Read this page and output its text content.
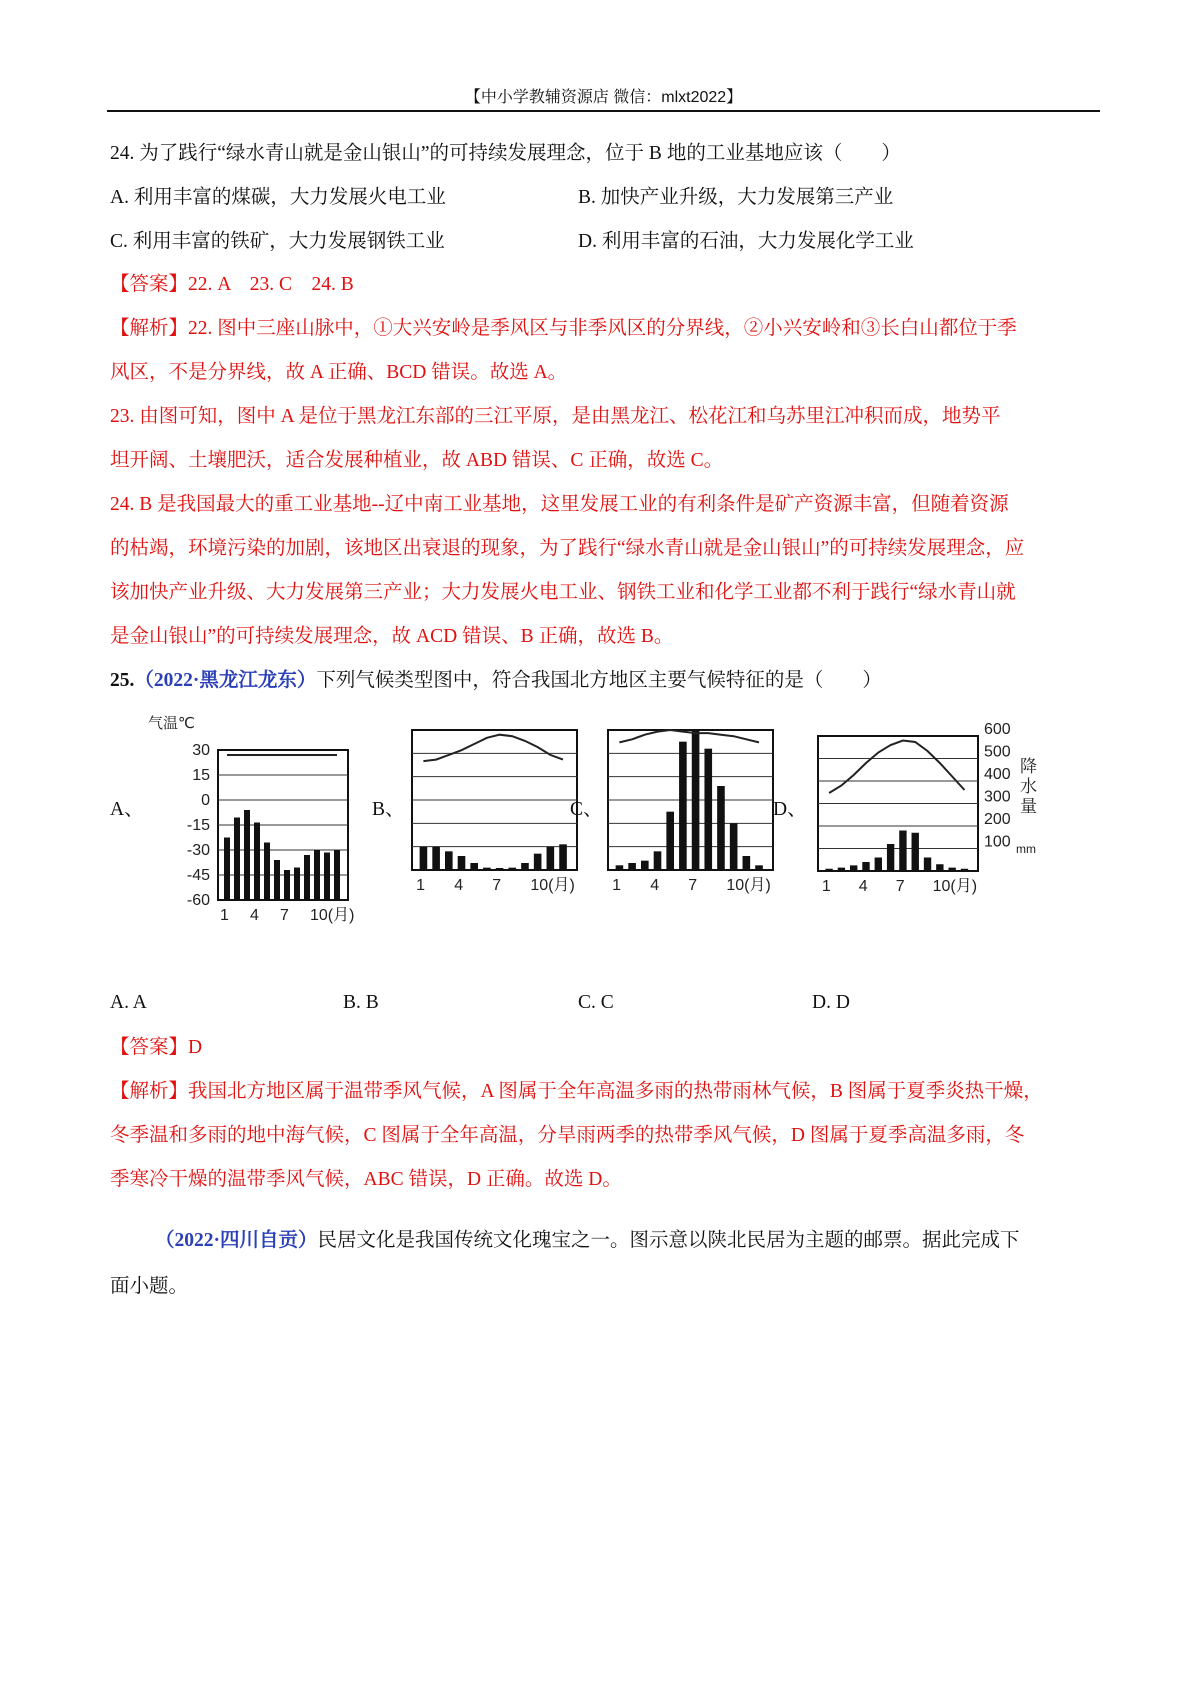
【中小学教辅资源店 微信：mlxt2022】
24. 为了践行“绿水青山就是金山银山”的可持续发展理念，位于 B 地的工业基地应该（　　）
A. 利用丰富的煤碳，大力发展火电工业	B. 加快产业升级，大力发展第三产业
C. 利用丰富的铁矿，大力发展钢铁工业	D. 利用丰富的石油，大力发展化学工业
【答案】22. A　23. C　24. B
【解析】22. 图中三座山脉中，①大兴安岭是季风区与非季风区的分界线，②小兴安岭和③长白山都位于季
风区，不是分界线，故 A 正确、BCD 错误。故选 A。
23. 由图可知，图中 A 是位于黑龙江东部的三江平原，是由黑龙江、松花江和乌苏里江冲积而成，地势平
坦开阔、土壤肥沃，适合发展种植业，故 ABD 错误、C 正确，故选 C。
24. B 是我国最大的重工业基地--辽中南工业基地，这里发展工业的有利条件是矿产资源丰富，但随着资源
的枯竭，环境污染的加剧，该地区出衰退的现象，为了践行“绿水青山就是金山银山”的可持续发展理念，应
该加快产业升级、大力发展第三产业；大力发展火电工业、钢铁工业和化学工业都不利于践行“绿水青山就
是金山银山”的可持续发展理念，故 ACD 错误、B 正确，故选 B。
25.（2022·黑龙江龙东）下列气候类型图中，符合我国北方地区主要气候特征的是（　　）
A、	B、	C、	D、
1 4 7 10(月)
1 4 7 10(月) 1 4 7 10(月)	1 4 7 10(月)
气温℃
30
15
0
-15
-30
-45
-60
600
500
400
300
200
100 mm
降
水
量
A. A	B. B	C. C	D. D
【答案】D
【解析】我国北方地区属于温带季风气候，A 图属于全年高温多雨的热带雨林气候，B 图属于夏季炎热干燥，
冬季温和多雨的地中海气候，C 图属于全年高温，分旱雨两季的热带季风气候，D 图属于夏季高温多雨，冬
季寒冷干燥的温带季风气候，ABC 错误，D 正确。故选 D。
（2022·四川自贡）民居文化是我国传统文化瑰宝之一。图示意以陕北民居为主题的邮票。据此完成下
面小题。
